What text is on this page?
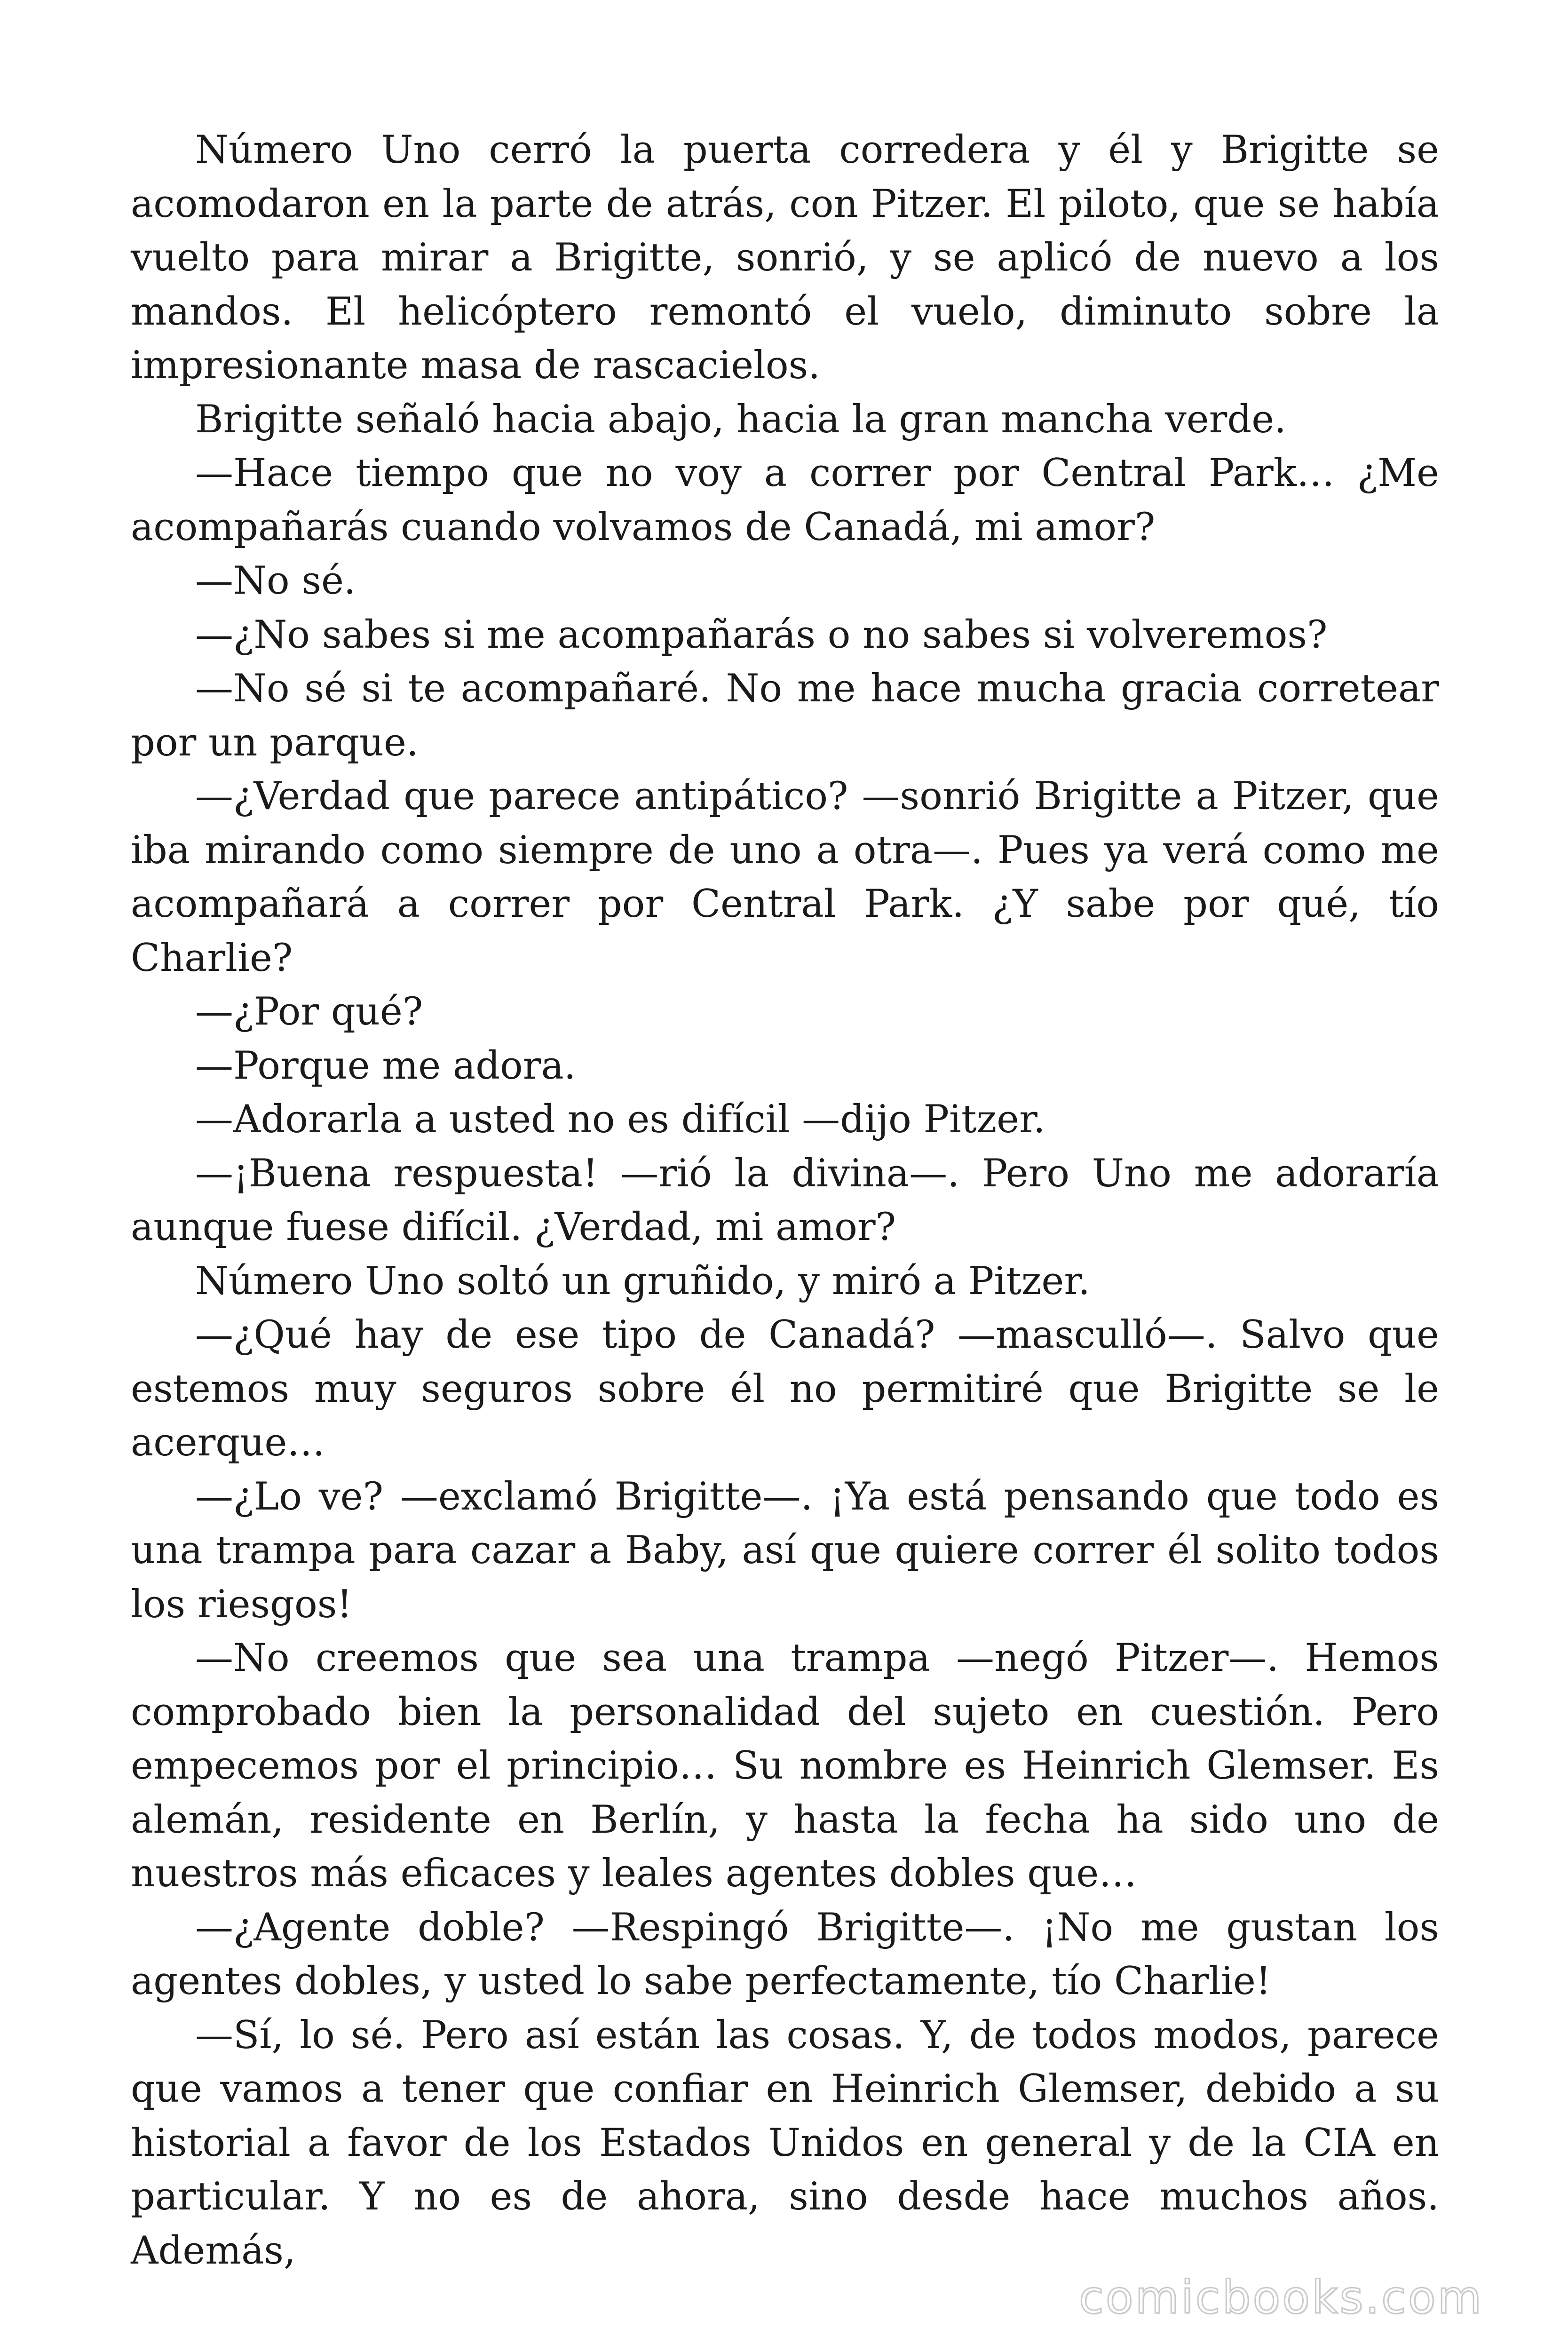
Número Uno cerró la puerta corredera y él y Brigitte se acomodaron en la parte de atrás, con Pitzer. El piloto, que se había vuelto para mirar a Brigitte, sonrió, y se aplicó de nuevo a los mandos. El helicóptero remontó el vuelo, diminuto sobre la impresionante masa de rascacielos.

Brigitte señaló hacia abajo, hacia la gran mancha verde.

—Hace tiempo que no voy a correr por Central Park… ¿Me acompañarás cuando volvamos de Canadá, mi amor?

—No sé.

—¿No sabes si me acompañarás o no sabes si volveremos?

—No sé si te acompañaré. No me hace mucha gracia corretear por un parque.

—¿Verdad que parece antipático? —sonrió Brigitte a Pitzer, que iba mirando como siempre de uno a otra—. Pues ya verá como me acompañará a correr por Central Park. ¿Y sabe por qué, tío Charlie?

—¿Por qué?

—Porque me adora.

—Adorarla a usted no es difícil —dijo Pitzer.

—¡Buena respuesta! —rió la divina—. Pero Uno me adoraría aunque fuese difícil. ¿Verdad, mi amor?

Número Uno soltó un gruñido, y miró a Pitzer.

—¿Qué hay de ese tipo de Canadá? —masculló—. Salvo que estemos muy seguros sobre él no permitiré que Brigitte se le acerque…

—¿Lo ve? —exclamó Brigitte—. ¡Ya está pensando que todo es una trampa para cazar a Baby, así que quiere correr él solito todos los riesgos!

—No creemos que sea una trampa —negó Pitzer—. Hemos comprobado bien la personalidad del sujeto en cuestión. Pero empecemos por el principio… Su nombre es Heinrich Glemser. Es alemán, residente en Berlín, y hasta la fecha ha sido uno de nuestros más eficaces y leales agentes dobles que…

—¿Agente doble? —Respingó Brigitte—. ¡No me gustan los agentes dobles, y usted lo sabe perfectamente, tío Charlie!

—Sí, lo sé. Pero así están las cosas. Y, de todos modos, parece que vamos a tener que confiar en Heinrich Glemser, debido a su historial a favor de los Estados Unidos en general y de la CIA en particular. Y no es de ahora, sino desde hace muchos años. Además,

comicbooks.com
